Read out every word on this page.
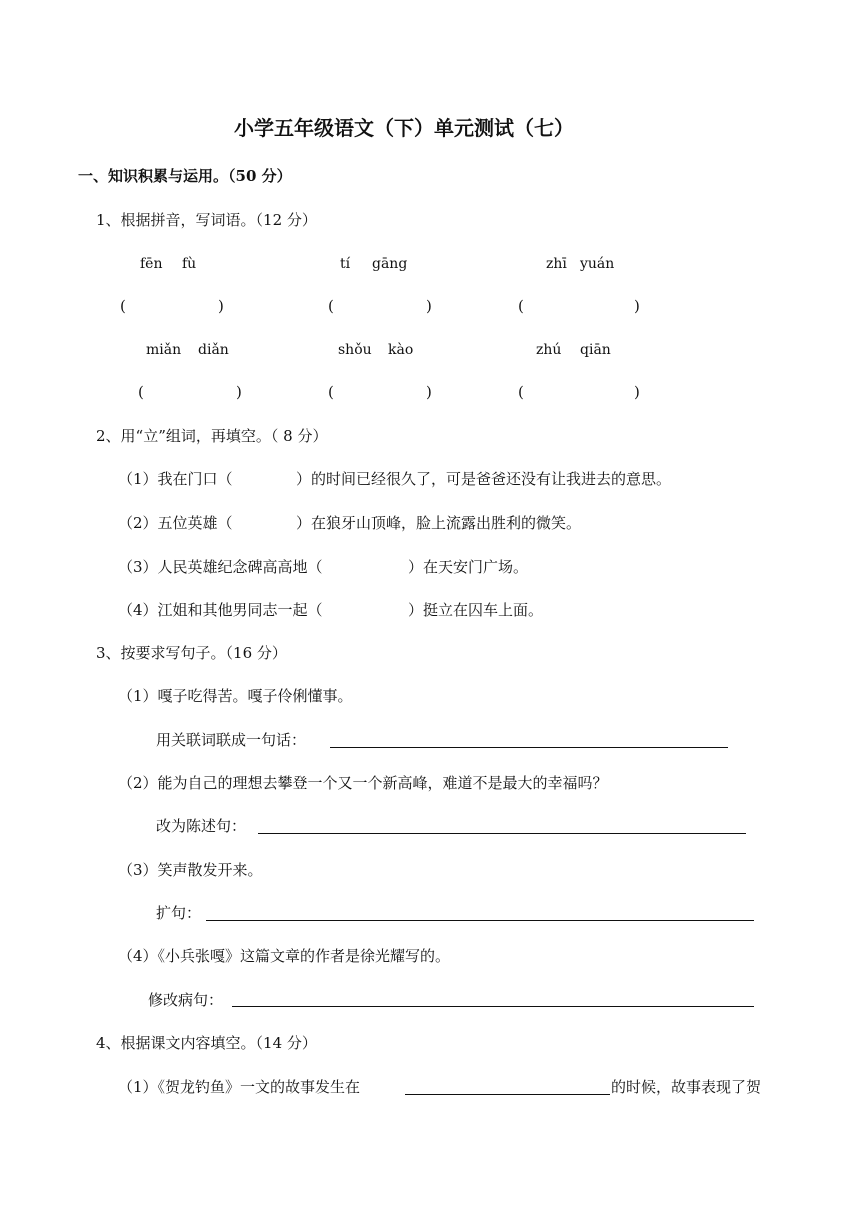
小学五年级语文（下）单元测试（七）
一、知识积累与运用。（50 分）
1、根据拼音，写词语。（12 分）
fēn fù	tí gāng	zhī yuán
(	)	(	)	(	)
miǎn diǎn	shǒu kào	zhú qiān
(	)	(	)	(	)
2、用“立”组词，再填空。（ 8 分）
（1）我在门口（	）的时间已经很久了，可是爸爸还没有让我进去的意思。
（2）五位英雄（	）在狼牙山顶峰，脸上流露出胜利的微笑。
（3）人民英雄纪念碑高高地（	）在天安门广场。
（4）江姐和其他男同志一起（	）挺立在囚车上面。
3、按要求写句子。（16 分）
（1）嘎子吃得苦。嘎子伶俐懂事。
用关联词联成一句话：
（2）能为自己的理想去攀登一个又一个新高峰，难道不是最大的幸福吗？
改为陈述句：
（3）笑声散发开来。
扩句：
（4）《小兵张嘎》这篇文章的作者是徐光耀写的。
修改病句：
4、根据课文内容填空。（14 分）
（1）《贺龙钓鱼》一文的故事发生在	的时候，故事表现了贺
